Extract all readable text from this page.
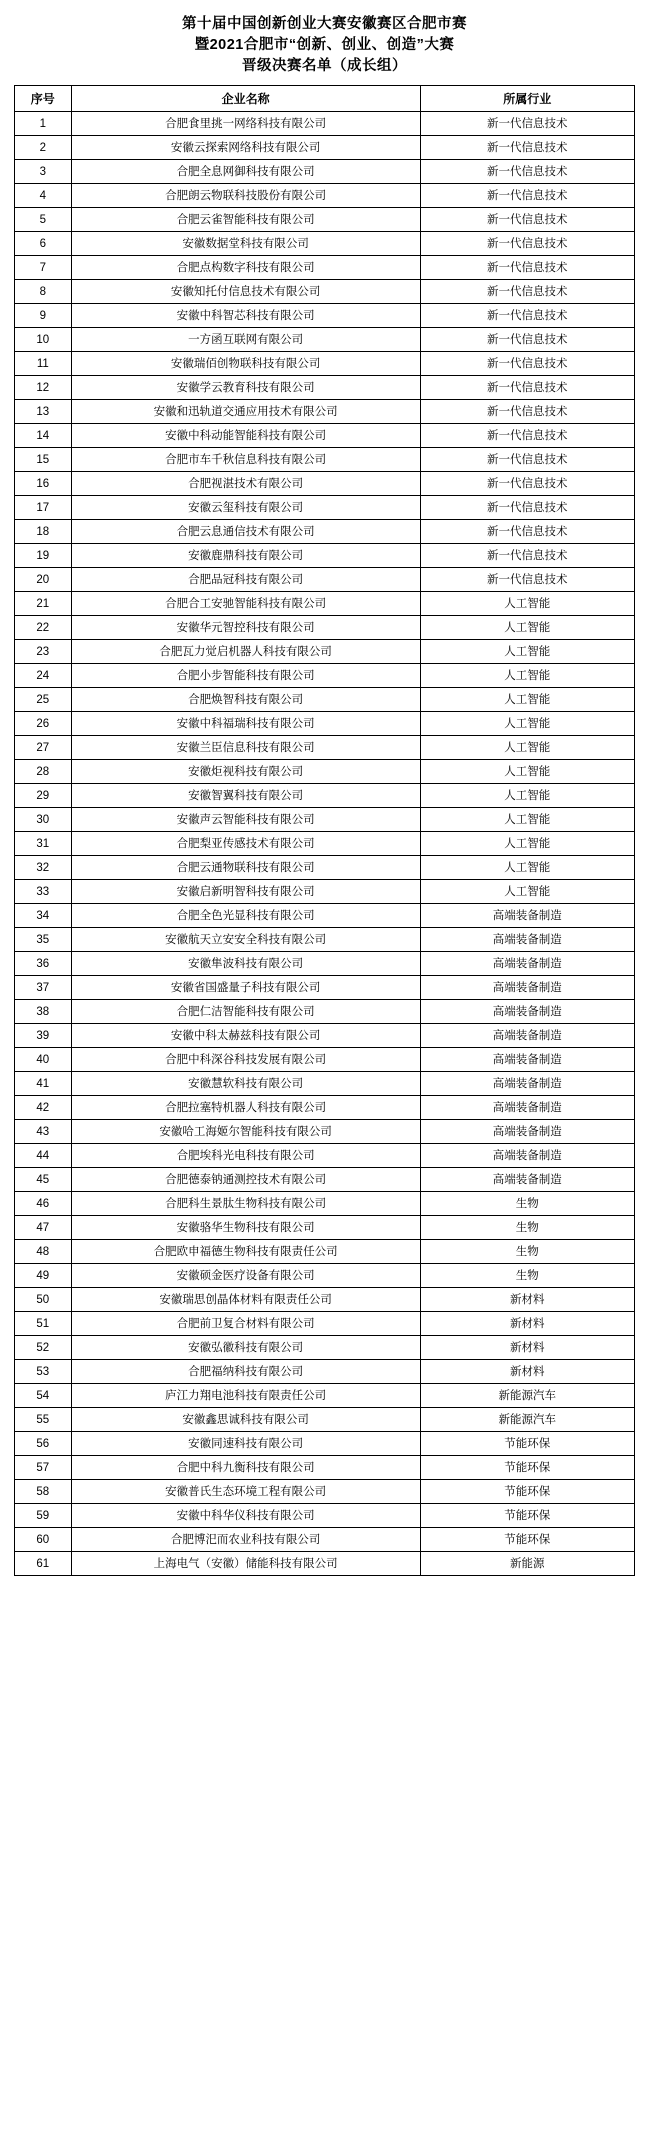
第十届中国创新创业大赛安徽赛区合肥市赛
暨2021合肥市“创新、创业、创造”大赛
晋级决赛名单（成长组）
序号	企业名称	所属行业
1	合肥食里挑一网络科技有限公司	新一代信息技术
2	安徽云探索网络科技有限公司	新一代信息技术
3	合肥全息网御科技有限公司	新一代信息技术
4	合肥朗云物联科技股份有限公司	新一代信息技术
5	合肥云雀智能科技有限公司	新一代信息技术
6	安徽数据堂科技有限公司	新一代信息技术
7	合肥点构数字科技有限公司	新一代信息技术
8	安徽知托付信息技术有限公司	新一代信息技术
9	安徽中科智芯科技有限公司	新一代信息技术
10	一方函互联网有限公司	新一代信息技术
11	安徽瑞佰创物联科技有限公司	新一代信息技术
12	安徽学云教育科技有限公司	新一代信息技术
13	安徽和迅轨道交通应用技术有限公司	新一代信息技术
14	安徽中科动能智能科技有限公司	新一代信息技术
15	合肥市车千秋信息科技有限公司	新一代信息技术
16	合肥视湛技术有限公司	新一代信息技术
17	安徽云玺科技有限公司	新一代信息技术
18	合肥云息通信技术有限公司	新一代信息技术
19	安徽鹿鼎科技有限公司	新一代信息技术
20	合肥品冠科技有限公司	新一代信息技术
21	合肥合工安驰智能科技有限公司	人工智能
22	安徽华元智控科技有限公司	人工智能
23	合肥瓦力觉启机器人科技有限公司	人工智能
24	合肥小步智能科技有限公司	人工智能
25	合肥焕智科技有限公司	人工智能
26	安徽中科福瑞科技有限公司	人工智能
27	安徽兰臣信息科技有限公司	人工智能
28	安徽炬视科技有限公司	人工智能
29	安徽智翼科技有限公司	人工智能
30	安徽声云智能科技有限公司	人工智能
31	合肥梨亚传感技术有限公司	人工智能
32	合肥云通物联科技有限公司	人工智能
33	安徽启新明智科技有限公司	人工智能
34	合肥全色光显科技有限公司	高端装备制造
35	安徽航天立安安全科技有限公司	高端装备制造
36	安徽隼波科技有限公司	高端装备制造
37	安徽省国盛量子科技有限公司	高端装备制造
38	合肥仁洁智能科技有限公司	高端装备制造
39	安徽中科太赫兹科技有限公司	高端装备制造
40	合肥中科深谷科技发展有限公司	高端装备制造
41	安徽慧软科技有限公司	高端装备制造
42	合肥拉塞特机器人科技有限公司	高端装备制造
43	安徽哈工海姬尔智能科技有限公司	高端装备制造
44	合肥埃科光电科技有限公司	高端装备制造
45	合肥德泰钠通测控技术有限公司	高端装备制造
46	合肥科生景肽生物科技有限公司	生物
47	安徽骆华生物科技有限公司	生物
48	合肥欧申福德生物科技有限责任公司	生物
49	安徽硕金医疗设备有限公司	生物
50	安徽瑞思创晶体材料有限责任公司	新材料
51	合肥前卫复合材料有限公司	新材料
52	安徽弘徽科技有限公司	新材料
53	合肥福纳科技有限公司	新材料
54	庐江力翔电池科技有限责任公司	新能源汽车
55	安徽鑫思诚科技有限公司	新能源汽车
56	安徽同速科技有限公司	节能环保
57	合肥中科九衡科技有限公司	节能环保
58	安徽普氏生态环境工程有限公司	节能环保
59	安徽中科华仪科技有限公司	节能环保
60	合肥博汜而农业科技有限公司	节能环保
61	上海电气（安徽）储能科技有限公司	新能源
